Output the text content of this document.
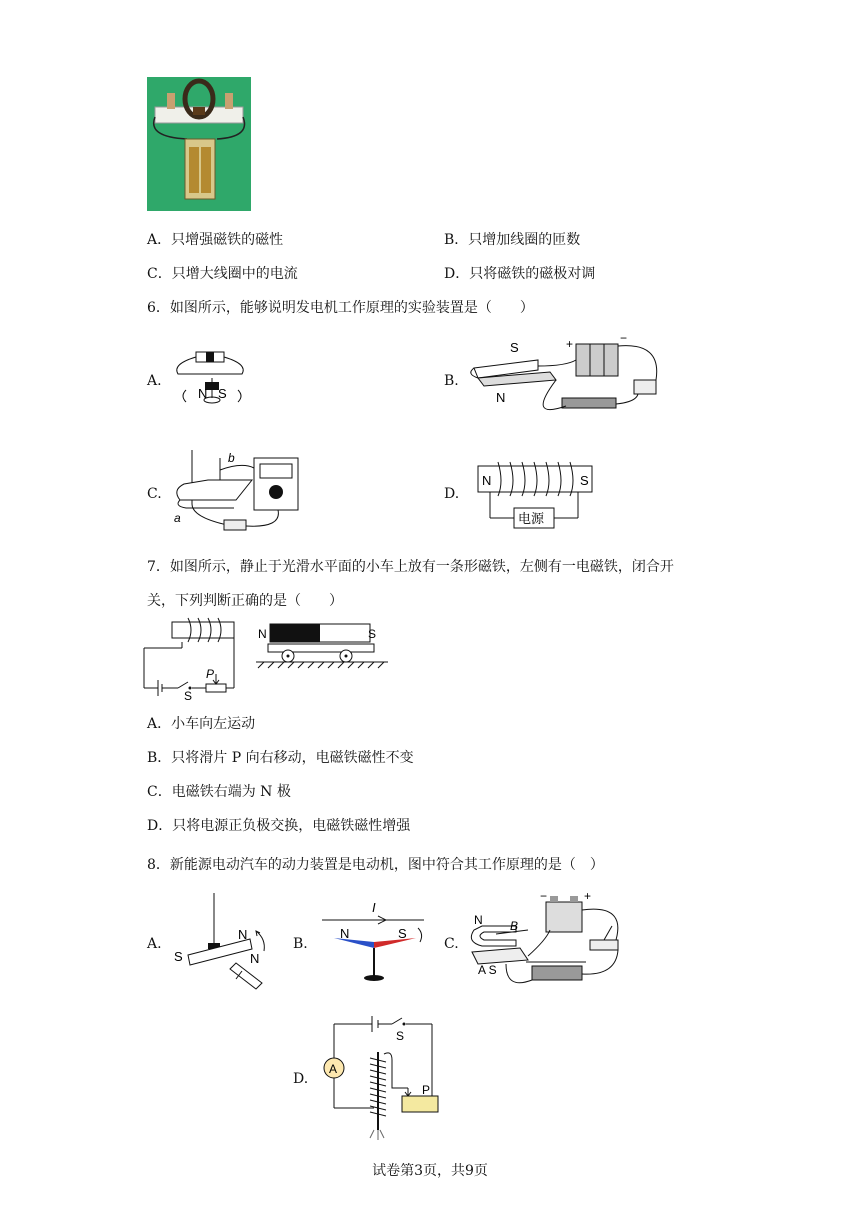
A．只增强磁铁的磁性	B．只增加线圈的匝数
C．只增大线圈中的电流	D．只将磁铁的磁极对调
6．如图所示，能够说明发电机工作原理的实验装置是（　　）
A.
N S
B.
S
N
+	−
C.
b
a
D.
N	S
电源
7．如图所示，静止于光滑水平面的小车上放有一条形磁铁，左侧有一电磁铁，闭合开
关，下列判断正确的是（　　）
P
S
N	S
A．小车向左运动
B．只将滑片 P 向右移动，电磁铁磁性不变
C．电磁铁右端为 N 极
D．只将电源正负极交换，电磁铁磁性增强
8．新能源电动汽车的动力装置是电动机，图中符合其工作原理的是（　）
A.
S
N
N
B.
I
N	S
C.
N B
A S
−	+
D.
S
A
P
试卷第3页，共9页
